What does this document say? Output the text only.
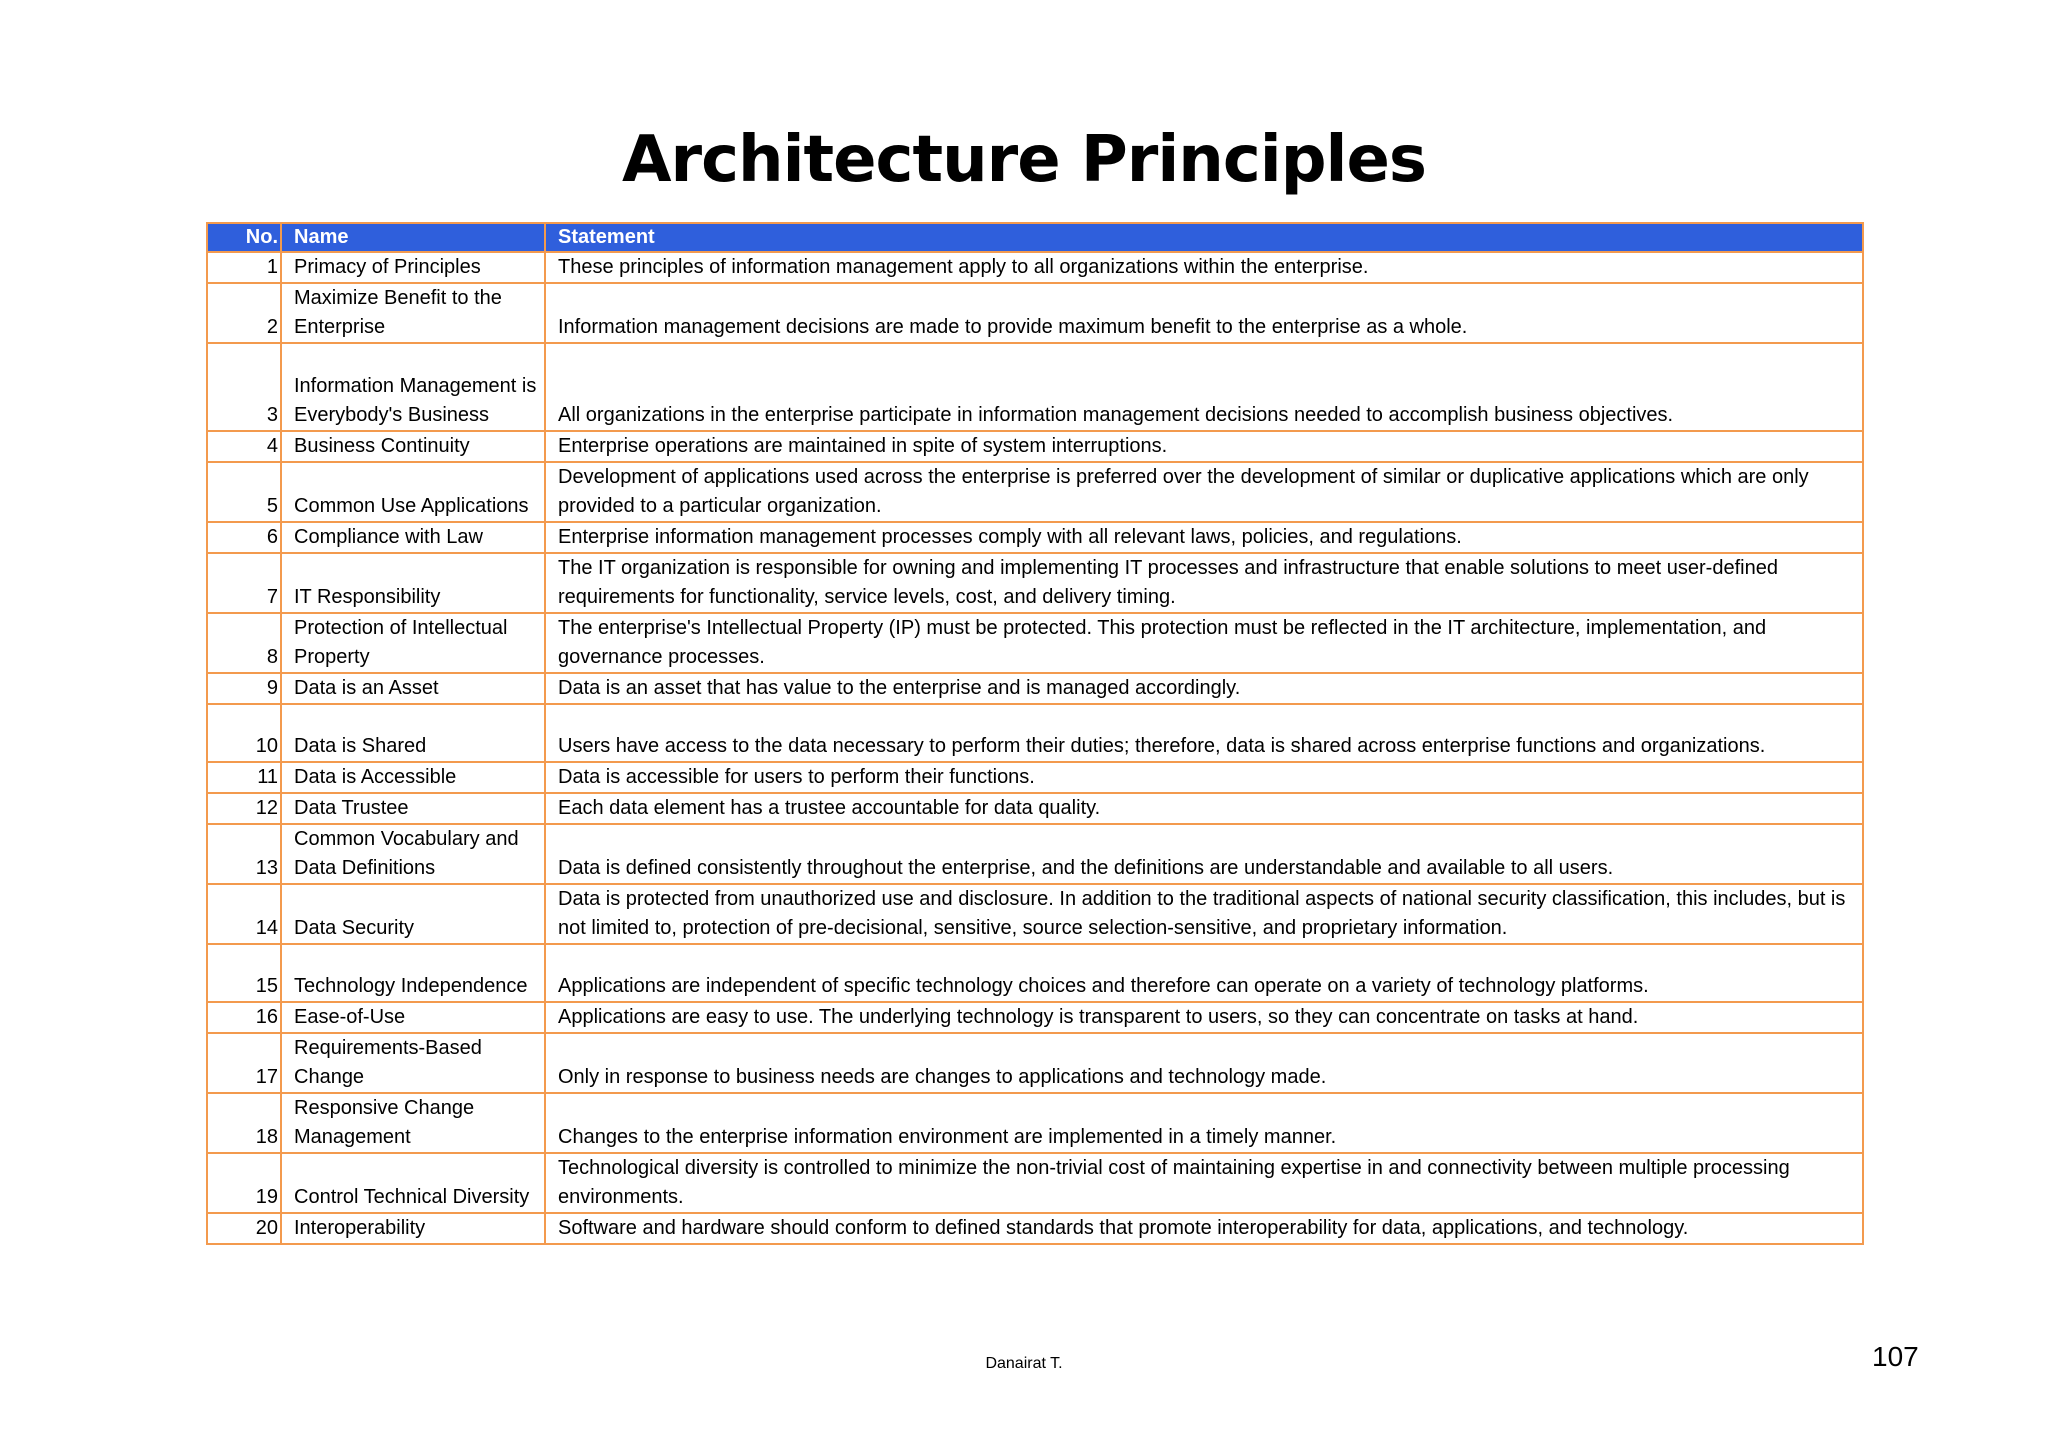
Architecture Principles
No.	Name	Statement
1	Primacy of Principles	These principles of information management apply to all organizations within the enterprise.
2	Maximize Benefit to the Enterprise	Information management decisions are made to provide maximum benefit to the enterprise as a whole.
3	Information Management is Everybody's Business	All organizations in the enterprise participate in information management decisions needed to accomplish business objectives.
4	Business Continuity	Enterprise operations are maintained in spite of system interruptions.
5	Common Use Applications	Development of applications used across the enterprise is preferred over the development of similar or duplicative applications which are only provided to a particular organization.
6	Compliance with Law	Enterprise information management processes comply with all relevant laws, policies, and regulations.
7	IT Responsibility	The IT organization is responsible for owning and implementing IT processes and infrastructure that enable solutions to meet user-defined requirements for functionality, service levels, cost, and delivery timing.
8	Protection of Intellectual Property	The enterprise's Intellectual Property (IP) must be protected. This protection must be reflected in the IT architecture, implementation, and governance processes.
9	Data is an Asset	Data is an asset that has value to the enterprise and is managed accordingly.
10	Data is Shared	Users have access to the data necessary to perform their duties; therefore, data is shared across enterprise functions and organizations.
11	Data is Accessible	Data is accessible for users to perform their functions.
12	Data Trustee	Each data element has a trustee accountable for data quality.
13	Common Vocabulary and Data Definitions	Data is defined consistently throughout the enterprise, and the definitions are understandable and available to all users.
14	Data Security	Data is protected from unauthorized use and disclosure. In addition to the traditional aspects of national security classification, this includes, but is not limited to, protection of pre-decisional, sensitive, source selection-sensitive, and proprietary information.
15	Technology Independence	Applications are independent of specific technology choices and therefore can operate on a variety of technology platforms.
16	Ease-of-Use	Applications are easy to use. The underlying technology is transparent to users, so they can concentrate on tasks at hand.
17	Requirements-Based Change	Only in response to business needs are changes to applications and technology made.
18	Responsive Change Management	Changes to the enterprise information environment are implemented in a timely manner.
19	Control Technical Diversity	Technological diversity is controlled to minimize the non-trivial cost of maintaining expertise in and connectivity between multiple processing environments.
20	Interoperability	Software and hardware should conform to defined standards that promote interoperability for data, applications, and technology.
Danairat T.	107
